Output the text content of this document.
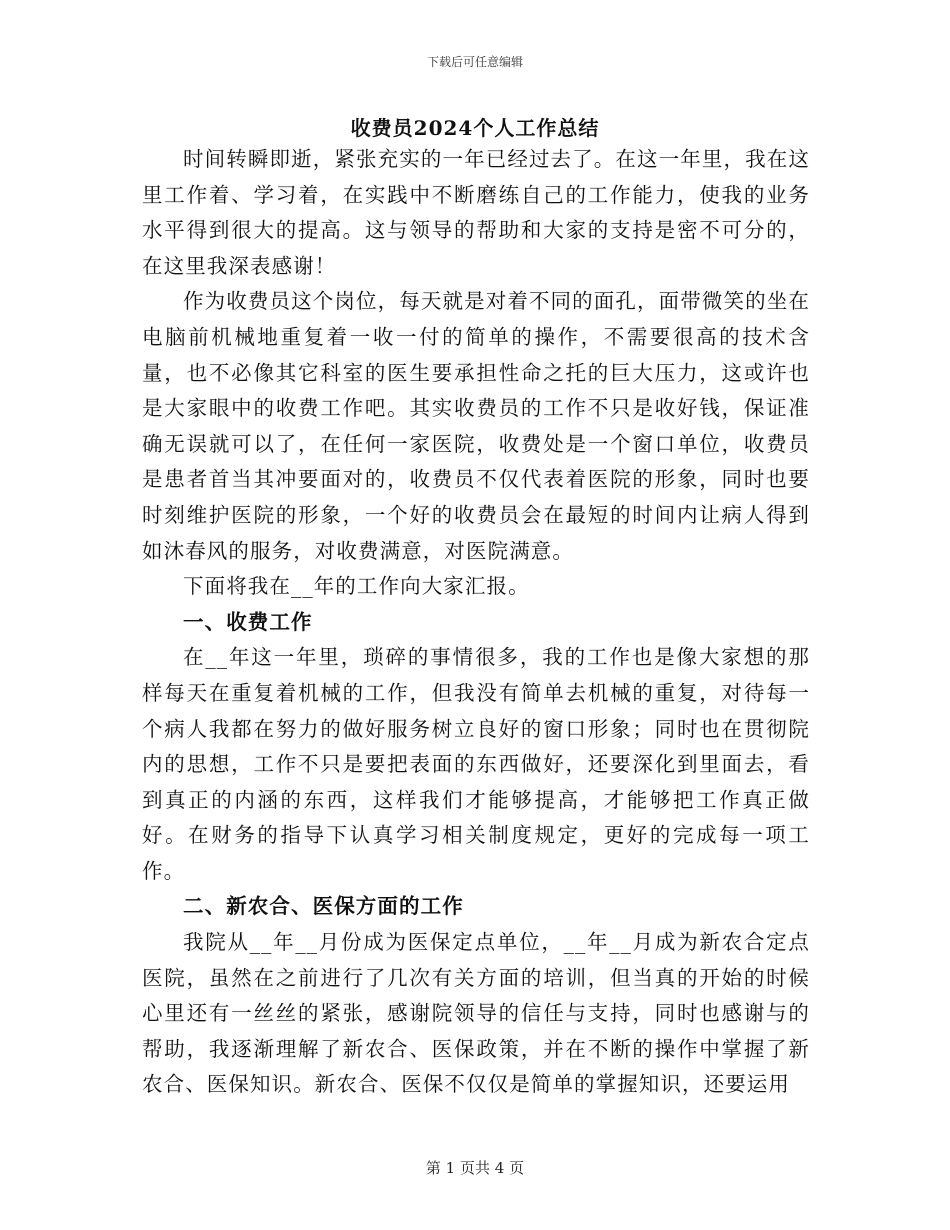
下载后可任意编辑
收费员2024个人工作总结

时间转瞬即逝，紧张充实的一年已经过去了。在这一年里，我在这里工作着、学习着，在实践中不断磨练自己的工作能力，使我的业务水平得到很大的提高。这与领导的帮助和大家的支持是密不可分的，在这里我深表感谢！

作为收费员这个岗位，每天就是对着不同的面孔，面带微笑的坐在电脑前机械地重复着一收一付的简单的操作，不需要很高的技术含量，也不必像其它科室的医生要承担性命之托的巨大压力，这或许也是大家眼中的收费工作吧。其实收费员的工作不只是收好钱，保证准确无误就可以了，在任何一家医院，收费处是一个窗口单位，收费员是患者首当其冲要面对的，收费员不仅代表着医院的形象，同时也要时刻维护医院的形象，一个好的收费员会在最短的时间内让病人得到如沐春风的服务，对收费满意，对医院满意。

下面将我在__年的工作向大家汇报。

一、收费工作

在__年这一年里，琐碎的事情很多，我的工作也是像大家想的那样每天在重复着机械的工作，但我没有简单去机械的重复，对待每一个病人我都在努力的做好服务树立良好的窗口形象；同时也在贯彻院内的思想，工作不只是要把表面的东西做好，还要深化到里面去，看到真正的内涵的东西，这样我们才能够提高，才能够把工作真正做好。在财务的指导下认真学习相关制度规定，更好的完成每一项工作。

二、新农合、医保方面的工作

我院从__年__月份成为医保定点单位，__年__月成为新农合定点医院，虽然在之前进行了几次有关方面的培训，但当真的开始的时候心里还有一丝丝的紧张，感谢院领导的信任与支持，同时也感谢与的帮助，我逐渐理解了新农合、医保政策，并在不断的操作中掌握了新农合、医保知识。新农合、医保不仅仅是简单的掌握知识，还要运用

第 1 页共 4 页
